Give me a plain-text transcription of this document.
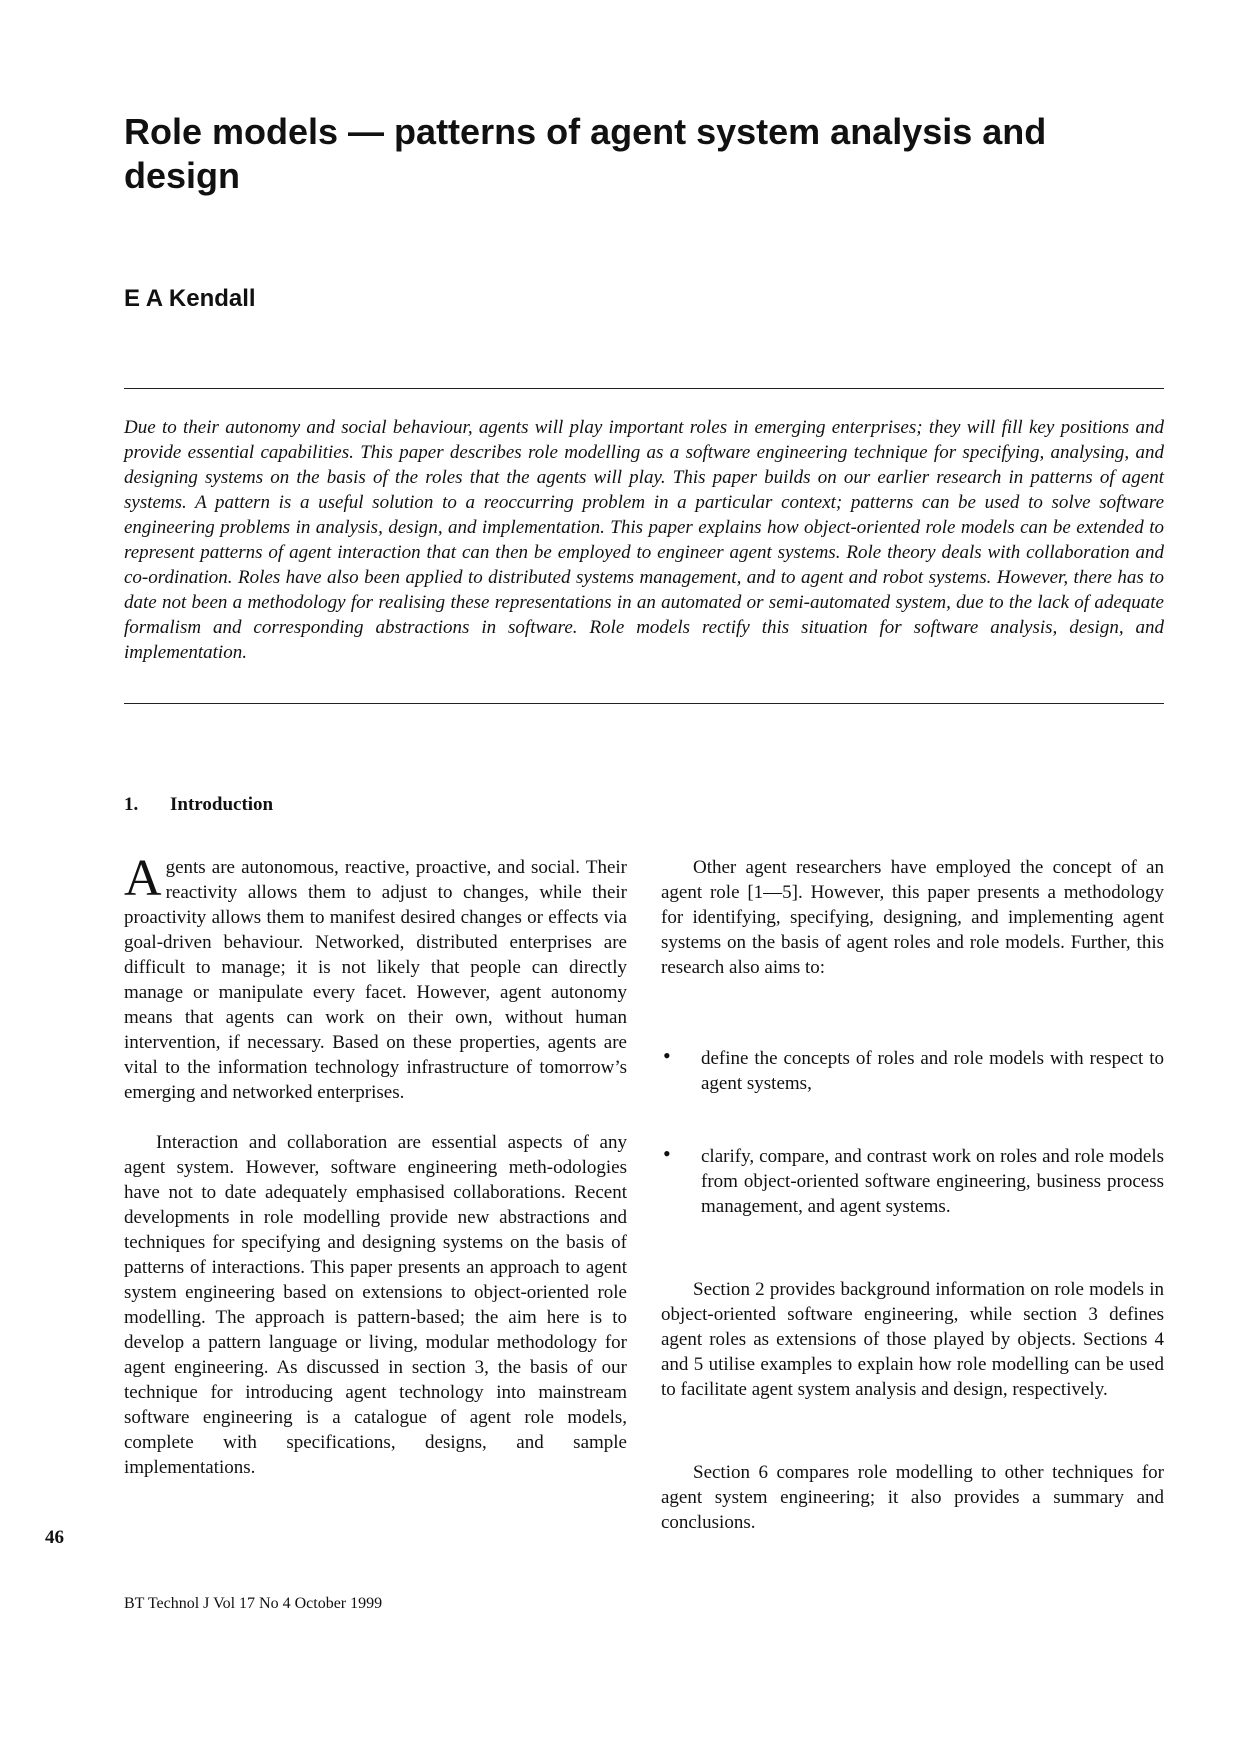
Role models — patterns of agent system analysis and design
E A Kendall

Due to their autonomy and social behaviour, agents will play important roles in emerging enterprises; they will fill key positions and provide essential capabilities. This paper describes role modelling as a software engineering technique for specifying, analysing, and designing systems on the basis of the roles that the agents will play. This paper builds on our earlier research in patterns of agent systems. A pattern is a useful solution to a reoccurring problem in a particular context; patterns can be used to solve software engineering problems in analysis, design, and implementation. This paper explains how object-oriented role models can be extended to represent patterns of agent interaction that can then be employed to engineer agent systems. Role theory deals with collaboration and co-ordination. Roles have also been applied to distributed systems management, and to agent and robot systems. However, there has to date not been a methodology for realising these representations in an automated or semi-automated system, due to the lack of adequate formalism and corresponding abstractions in software. Role models rectify this situation for software analysis, design, and implementation.

1. Introduction

Agents are autonomous, reactive, proactive, and social. Their reactivity allows them to adjust to changes, while their proactivity allows them to manifest desired changes or effects via goal-driven behaviour. Networked, distributed enterprises are difficult to manage; it is not likely that people can directly manage or manipulate every facet. However, agent autonomy means that agents can work on their own, without human intervention, if necessary. Based on these properties, agents are vital to the information technology infrastructure of tomorrow’s emerging and networked enterprises.

Interaction and collaboration are essential aspects of any agent system. However, software engineering meth-odologies have not to date adequately emphasised collaborations. Recent developments in role modelling provide new abstractions and techniques for specifying and designing systems on the basis of patterns of interactions. This paper presents an approach to agent system engineering based on extensions to object-oriented role modelling. The approach is pattern-based; the aim here is to develop a pattern language or living, modular methodology for agent engineering. As discussed in section 3, the basis of our technique for introducing agent technology into mainstream software engineering is a catalogue of agent role models, complete with specifications, designs, and sample implementations.

Other agent researchers have employed the concept of an agent role [1—5]. However, this paper presents a methodology for identifying, specifying, designing, and implementing agent systems on the basis of agent roles and role models. Further, this research also aims to:

• define the concepts of roles and role models with respect to agent systems,
• clarify, compare, and contrast work on roles and role models from object-oriented software engineering, business process management, and agent systems.

Section 2 provides background information on role models in object-oriented software engineering, while section 3 defines agent roles as extensions of those played by objects. Sections 4 and 5 utilise examples to explain how role modelling can be used to facilitate agent system analysis and design, respectively.

Section 6 compares role modelling to other techniques for agent system engineering; it also provides a summary and conclusions.

46
BT Technol J Vol 17 No 4 October 1999
